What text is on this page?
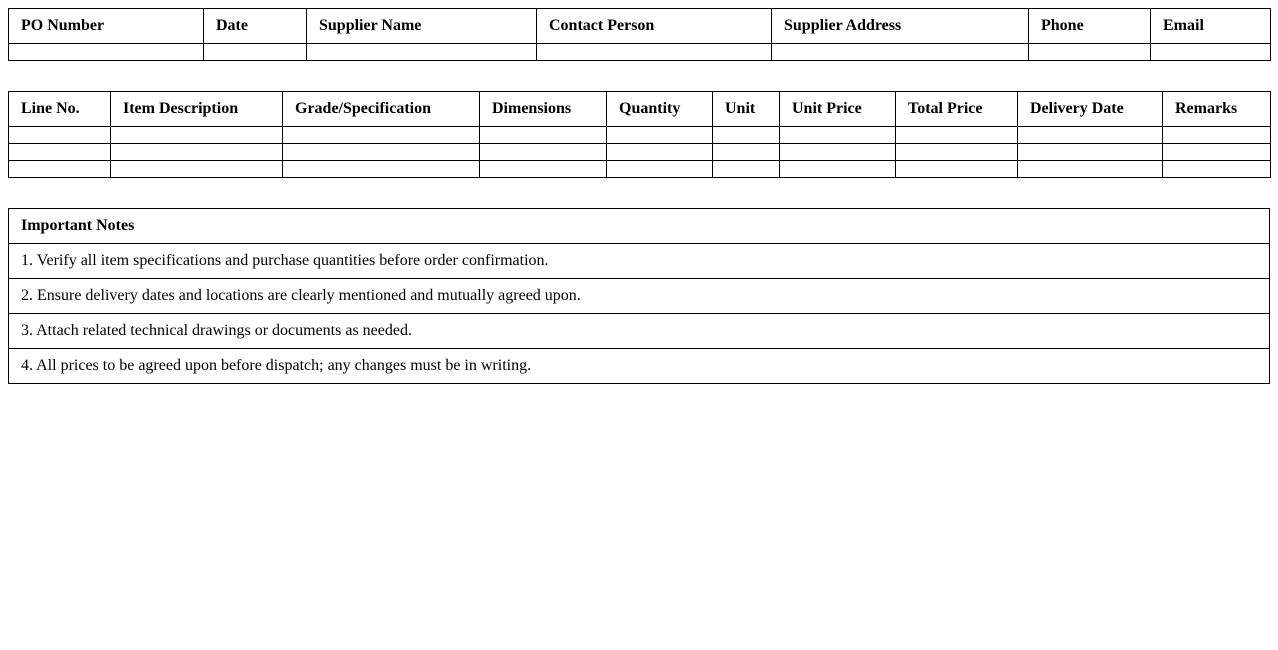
PO Number	Date	Supplier Name	Contact Person	Supplier Address	Phone	Email

Line No.	Item Description	Grade/Specification	Dimensions	Quantity	Unit	Unit Price	Total Price	Delivery Date	Remarks

Important Notes
1. Verify all item specifications and purchase quantities before order confirmation.
2. Ensure delivery dates and locations are clearly mentioned and mutually agreed upon.
3. Attach related technical drawings or documents as needed.
4. All prices to be agreed upon before dispatch; any changes must be in writing.
